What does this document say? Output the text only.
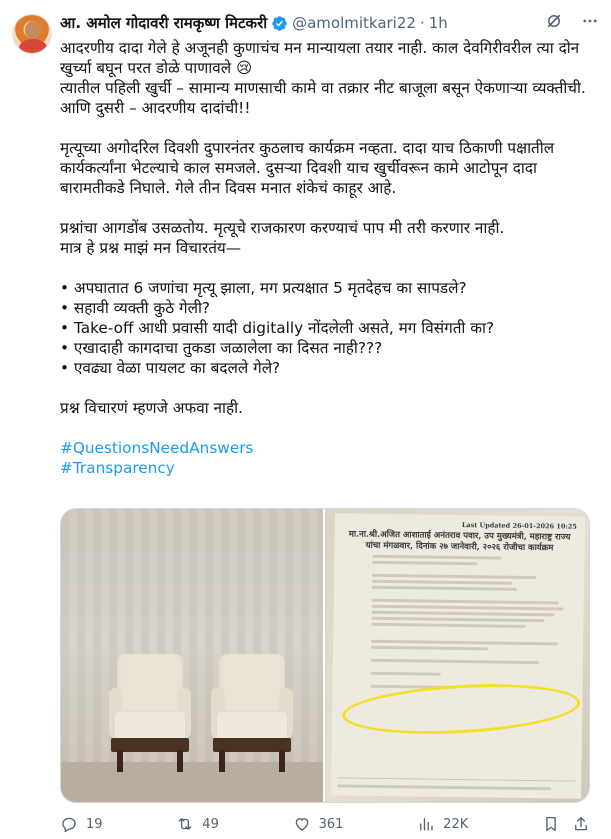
आ. अमोल गोदावरी रामकृष्ण मिटकरी @amolmitkari22 · 1h

आदरणीय दादा गेले हे अजूनही कुणाचंच मन मान्यायला तयार नाही. काल देवगिरीवरील त्या दोन खुर्च्या बघून परत डोळे पाणावले 😢
त्यातील पहिली खुर्ची – सामान्य माणसाची कामे वा तक्रार नीट बाजूला बसून ऐकणाऱ्या व्यक्तीची.
आणि दुसरी – आदरणीय दादांची!!

मृत्यूच्या अगोदरिल दिवशी दुपारनंतर कुठलाच कार्यक्रम नव्हता. दादा याच ठिकाणी पक्षातील कार्यकर्त्यांना भेटल्याचे काल समजले. दुसऱ्या दिवशी याच खुर्चीवरून कामे आटोपून दादा बारामतीकडे निघाले. गेले तीन दिवस मनात शंकेचं काहूर आहे.

प्रश्नांचा आगडोंब उसळतोय. मृत्यूचे राजकारण करण्याचं पाप मी तरी करणार नाही.
मात्र हे प्रश्न माझं मन विचारतंय—

• अपघातात 6 जणांचा मृत्यू झाला, मग प्रत्यक्षात 5 मृतदेहच का सापडले?
• सहावी व्यक्ती कुठे गेली?
• Take-off आधी प्रवासी यादी digitally नोंदलेली असते, मग विसंगती का?
• एखादाही कागदाचा तुकडा जळालेला का दिसत नाही???
• एवढ्या वेळा पायलट का बदलले गेले?

प्रश्न विचारणं म्हणजे अफवा नाही.

#QuestionsNeedAnswers
#Transparency
Last Updated 26-01-2026 10:25
मा.ना.श्री.अजित आशाताई अनंतराव पवार, उप मुख्यमंत्री, महाराष्ट्र राज्य यांचा मंगळवार, दिनांक २७ जानेवारी, २०२६ रोजीचा कार्यक्रम
19	49	361	22K
